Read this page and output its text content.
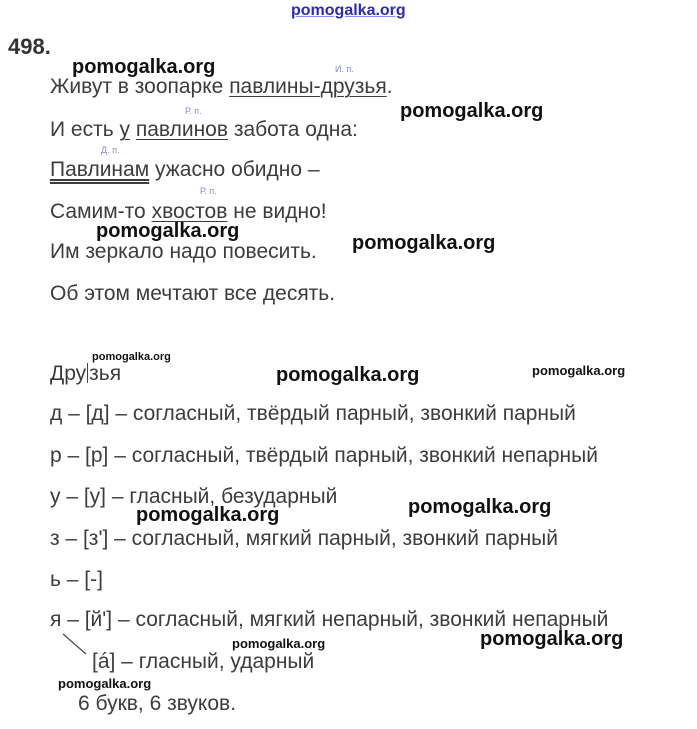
pomogalka.org
498.
pomogalka.org
pomogalka.org
pomogalka.org
pomogalka.org
pomogalka.org
pomogalka.org	pomogalka.org
pomogalka.org
pomogalka.org
pomogalka.org
pomogalka.org
pomogalka.org
И. п.
Р. п.
Д. п.
Р. п.
Живут в зоопарке павлины-друзья.
И есть у павлинов забота одна:
Павлинам ужасно обидно –
Самим-то хвостов не видно!
Им зеркало надо повесить.
Об этом мечтают все десять.
Дру зья
д – [д] – согласный, твёрдый парный, звонкий парный
р – [р] – согласный, твёрдый парный, звонкий непарный
у – [у] – гласный, безударный
з – [з'] – согласный, мягкий парный, звонкий парный
ь – [-]
я – [й'] – согласный, мягкий непарный, звонкий непарный
[á] – гласный, ударный
6 букв, 6 звуков.
